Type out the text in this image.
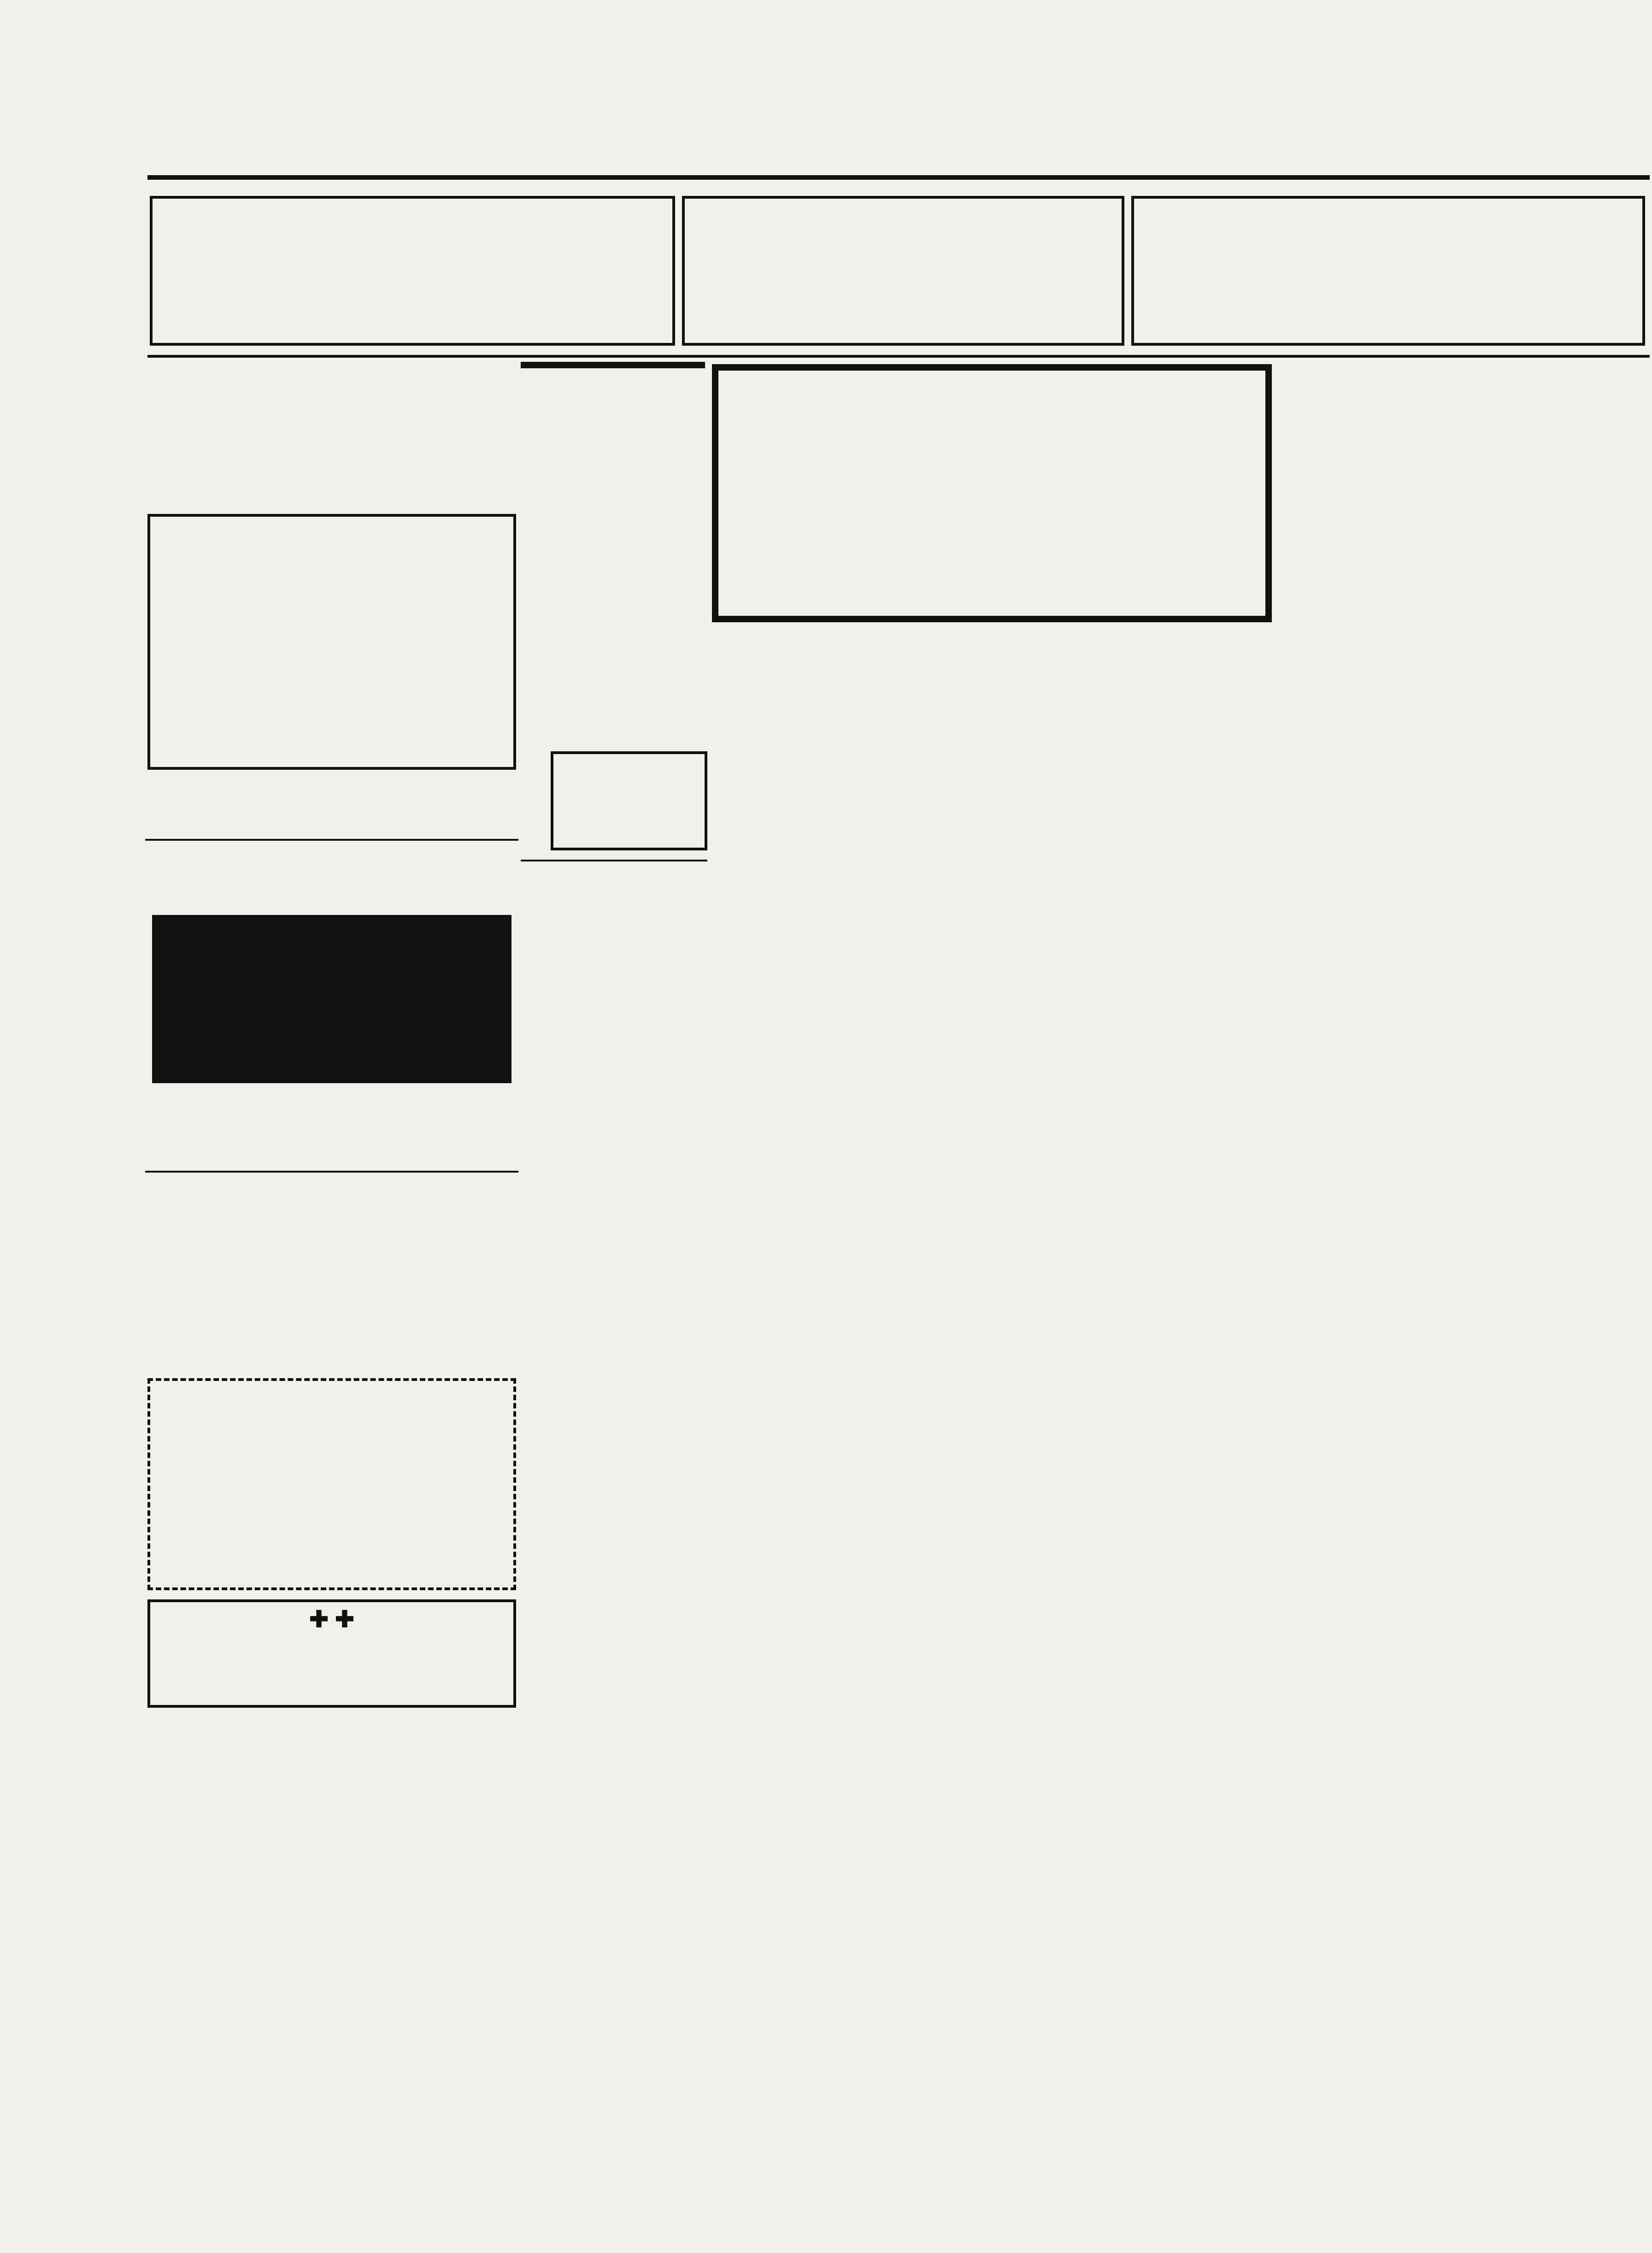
✚ ✚
